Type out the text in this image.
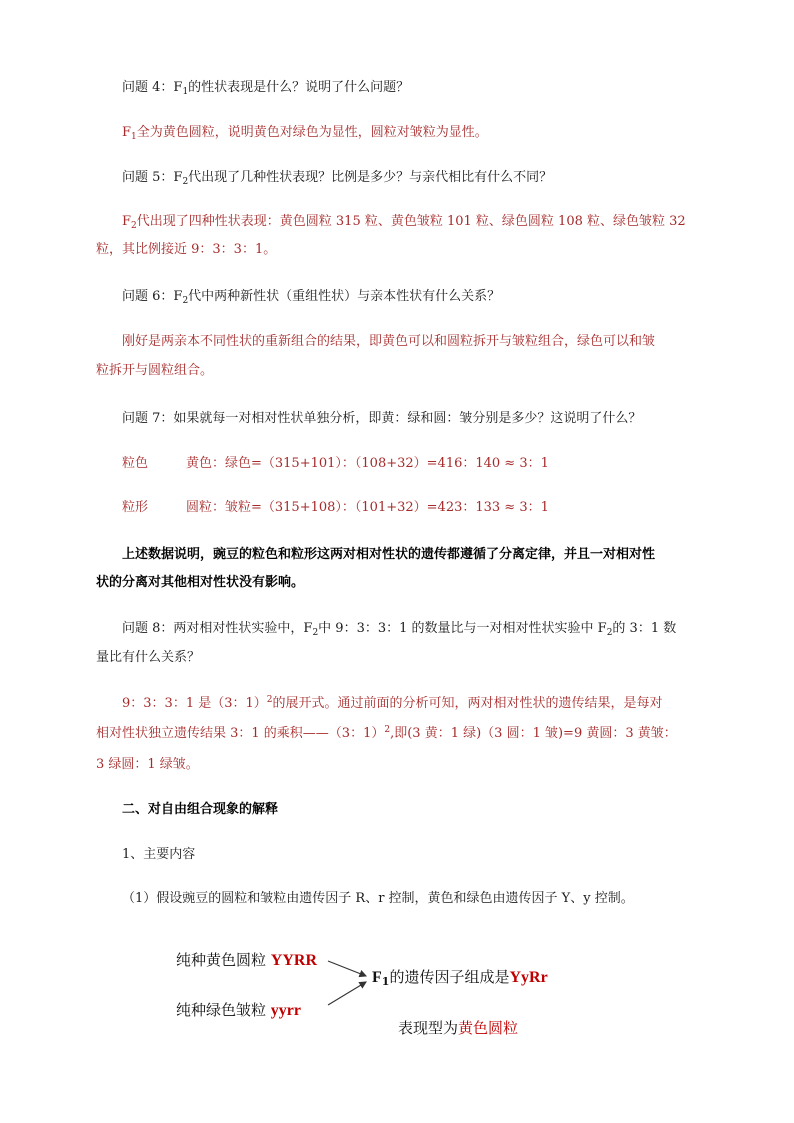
问题 4：$F_1$的性状表现是什么？说明了什么问题？
$F_1$全为黄色圆粒，说明黄色对绿色为显性，圆粒对皱粒为显性。
问题 5：$F_2$代出现了几种性状表现？比例是多少？与亲代相比有什么不同？
$F_2$代出现了四种性状表现：黄色圆粒 315 粒、黄色皱粒 101 粒、绿色圆粒 108 粒、绿色皱粒 32
粒，其比例接近 9：3：3：1。
问题 6：$F_2$代中两种新性状（重组性状）与亲本性状有什么关系？
刚好是两亲本不同性状的重新组合的结果，即黄色可以和圆粒拆开与皱粒组合，绿色可以和皱
粒拆开与圆粒组合。
问题 7：如果就每一对相对性状单独分析，即黄：绿和圆：皱分别是多少？这说明了什么？
粒色	黄色：绿色=（315+101）：（108+32）=416：140 ≈ 3：1
粒形	圆粒：皱粒=（315+108）：（101+32）=423：133 ≈ 3：1
上述数据说明，豌豆的粒色和粒形这两对相对性状的遗传都遵循了分离定律，并且一对相对性
状的分离对其他相对性状没有影响。
问题 8：两对相对性状实验中，$F_2$中 9：3：3：1 的数量比与一对相对性状实验中 $F_2$的 3：1 数
量比有什么关系？
9：3：3：1 是（3：1）$^2$的展开式。通过前面的分析可知，两对相对性状的遗传结果，是每对
相对性状独立遗传结果 3：1 的乘积——（3：1）$^2$,即(3 黄：1 绿)（3 圆：1 皱)=9 黄圆：3 黄皱：
3 绿圆：1 绿皱。
二、对自由组合现象的解释
1、主要内容
（1）假设豌豆的圆粒和皱粒由遗传因子 R、r 控制，黄色和绿色由遗传因子 Y、y 控制。
纯种黄色圆粒 YYRR
纯种绿色皱粒 yyrr
$F_1$的遗传因子组成是YyRr
表现型为黄色圆粒
